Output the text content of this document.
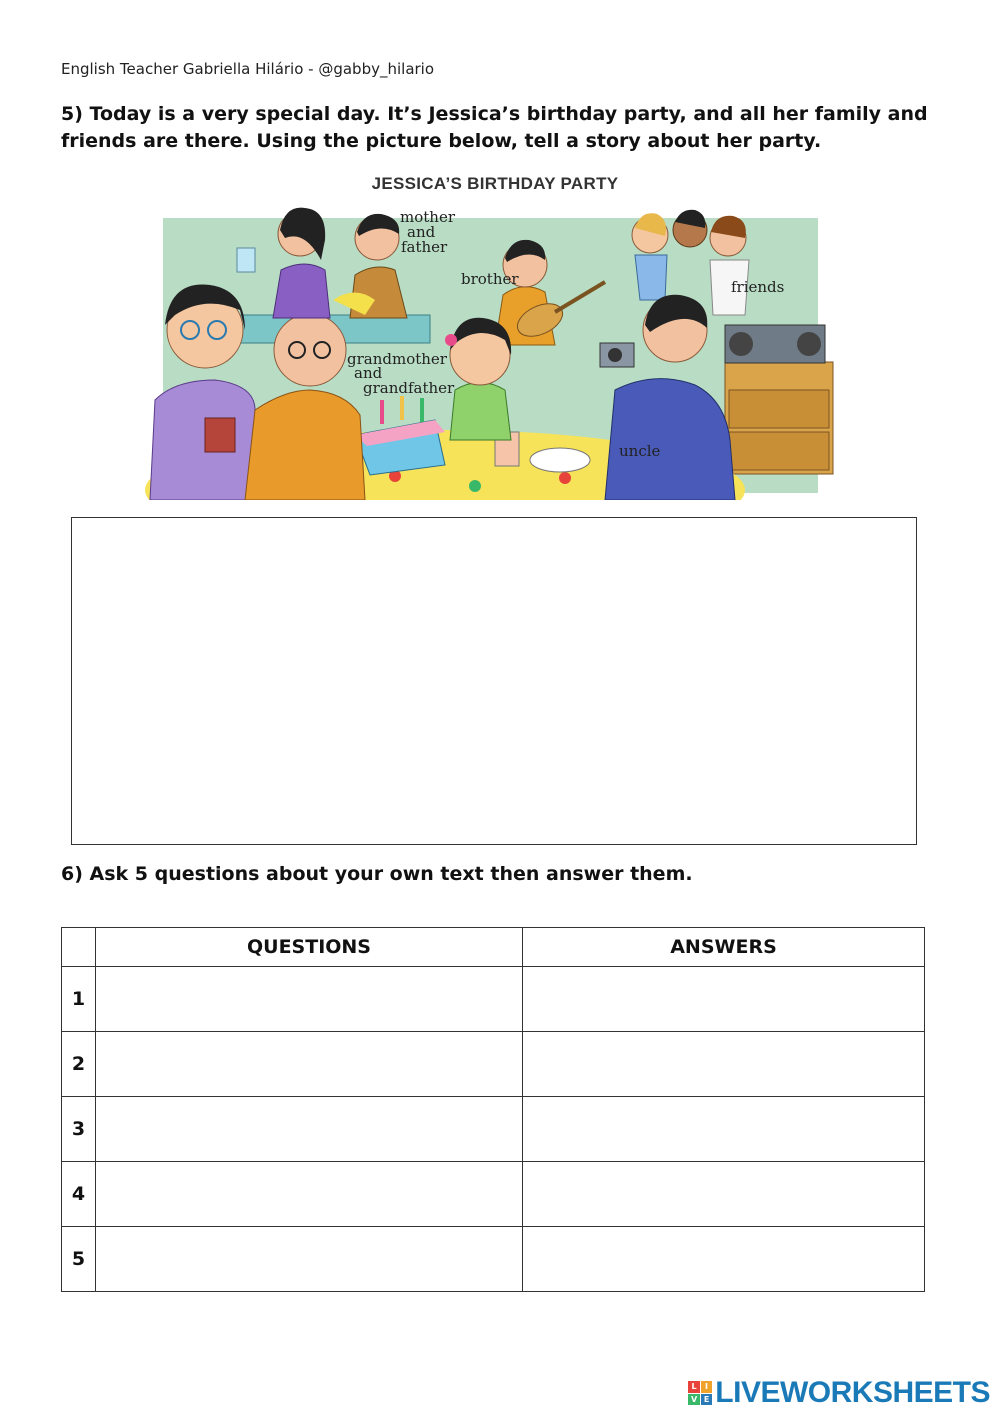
English Teacher Gabriella Hilário - @gabby_hilario
5) Today is a very special day. It’s Jessica’s birthday party, and all her family and friends are there. Using the picture below, tell a story about her party.
JESSICA’S BIRTHDAY PARTY
mother
and
father
brother	friends
grandmother
and
grandfather
uncle
6) Ask 5 questions about your own text then answer them.
	QUESTIONS	ANSWERS
1		
2		
3		
4		
5		
L	I
V E LIVEWORKSHEETS
